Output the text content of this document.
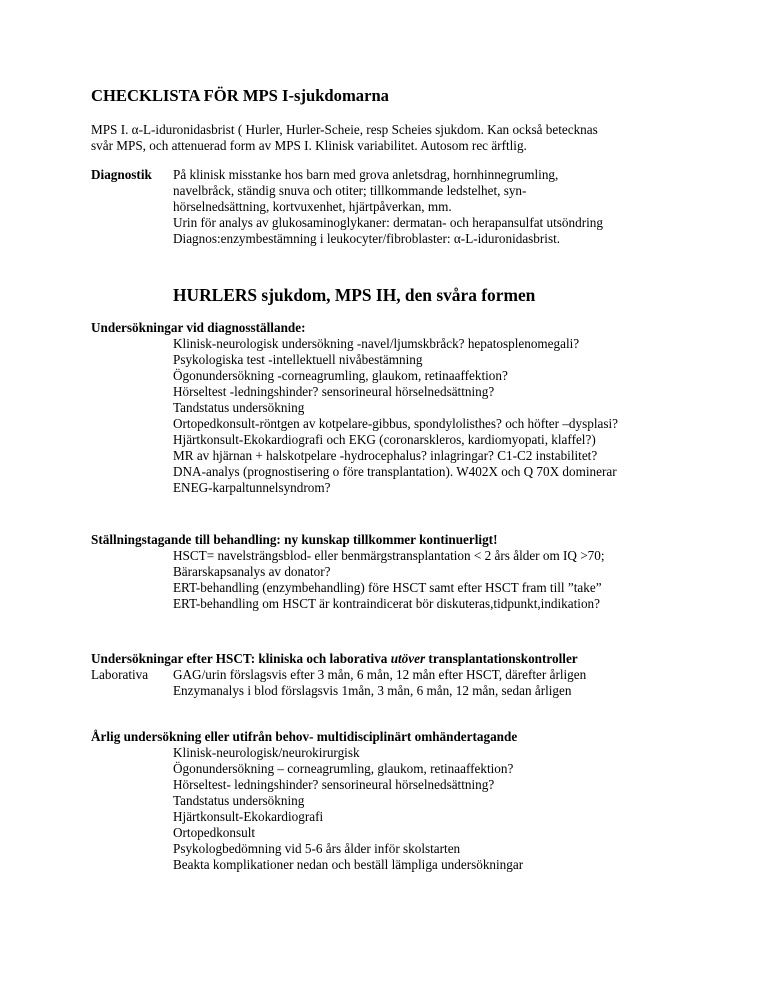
CHECKLISTA FÖR MPS I-sjukdomarna
MPS I. α-L-iduronidasbrist ( Hurler, Hurler-Scheie, resp Scheies sjukdom. Kan också betecknas
svår MPS, och attenuerad form av MPS I. Klinisk variabilitet. Autosom rec ärftlig.
Diagnostik På klinisk misstanke hos barn med grova anletsdrag, hornhinnegrumling,
navelbråck, ständig snuva och otiter; tillkommande ledstelhet, syn-
hörselnedsättning, kortvuxenhet, hjärtpåverkan, mm.
Urin för analys av glukosaminoglykaner: dermatan- och herapansulfat utsöndring
Diagnos:enzymbestämning i leukocyter/fibroblaster: α-L-iduronidasbrist.
HURLERS sjukdom, MPS IH, den svåra formen
Undersökningar vid diagnosställande:
Klinisk-neurologisk undersökning -navel/ljumskbråck? hepatosplenomegali?
Psykologiska test -intellektuell nivåbestämning
Ögonundersökning -corneagrumling, glaukom, retinaaffektion?
Hörseltest -ledningshinder? sensorineural hörselnedsättning?
Tandstatus undersökning
Ortopedkonsult-röntgen av kotpelare-gibbus, spondylolisthes? och höfter –dysplasi?
Hjärtkonsult-Ekokardiografi och EKG (coronarskleros, kardiomyopati, klaffel?)
MR av hjärnan + halskotpelare -hydrocephalus? inlagringar? C1-C2 instabilitet?
DNA-analys (prognostisering o före transplantation). W402X och Q 70X dominerar
ENEG-karpaltunnelsyndrom?
Ställningstagande till behandling: ny kunskap tillkommer kontinuerligt!
HSCT= navelsträngsblod- eller benmärgstransplantation < 2 års ålder om IQ >70;
Bärarskapsanalys av donator?
ERT-behandling (enzymbehandling) före HSCT samt efter HSCT fram till ”take”
ERT-behandling om HSCT är kontraindicerat bör diskuteras,tidpunkt,indikation?
Undersökningar efter HSCT: kliniska och laborativa utöver transplantationskontroller
Laborativa GAG/urin förslagsvis efter 3 mån, 6 mån, 12 mån efter HSCT, därefter årligen
Enzymanalys i blod förslagsvis 1mån, 3 mån, 6 mån, 12 mån, sedan årligen
Årlig undersökning eller utifrån behov- multidisciplinärt omhändertagande
Klinisk-neurologisk/neurokirurgisk
Ögonundersökning – corneagrumling, glaukom, retinaaffektion?
Hörseltest- ledningshinder? sensorineural hörselnedsättning?
Tandstatus undersökning
Hjärtkonsult-Ekokardiografi
Ortopedkonsult
Psykologbedömning vid 5-6 års ålder inför skolstarten
Beakta komplikationer nedan och beställ lämpliga undersökningar
